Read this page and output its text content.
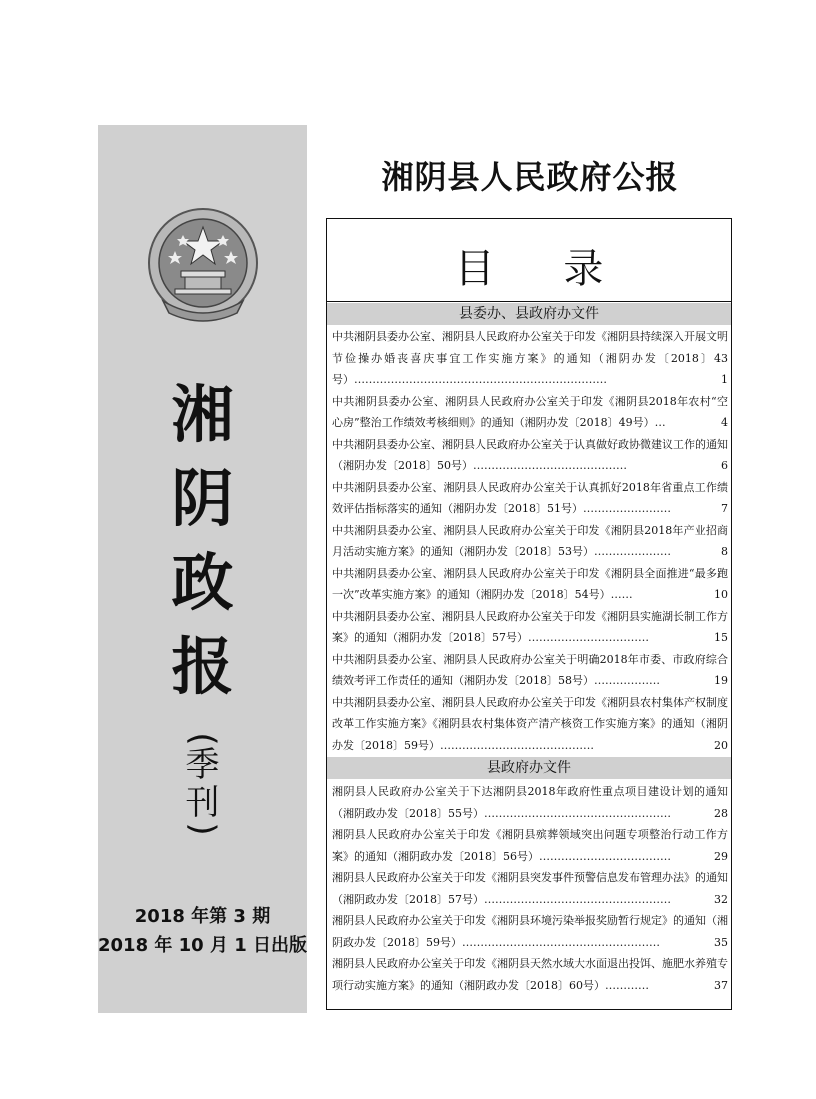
湘
阴
政
报
(
季
刊
)
2018 年第 3 期
2018 年 10 月 1 日出版
湘阴县人民政府公报
目 录
县委办、县政府办文件
中共湘阴县委办公室、湘阴县人民政府办公室关于印发《湘阴县持续深入开展文明节俭操办婚丧喜庆事宜工作实施方案》的通知（湘阴办发〔2018〕43号）……………………………………………………………	1
中共湘阴县委办公室、湘阴县人民政府办公室关于印发《湘阴县2018年农村“空心房”整治工作绩效考核细则》的通知（湘阴办发〔2018〕49号）…	4
中共湘阴县委办公室、湘阴县人民政府办公室关于认真做好政协微建议工作的通知（湘阴办发〔2018〕50号）……………………………………	6
中共湘阴县委办公室、湘阴县人民政府办公室关于认真抓好2018年省重点工作绩效评估指标落实的通知（湘阴办发〔2018〕51号）……………………	7
中共湘阴县委办公室、湘阴县人民政府办公室关于印发《湘阴县2018年产业招商月活动实施方案》的通知（湘阴办发〔2018〕53号）…………………	8
中共湘阴县委办公室、湘阴县人民政府办公室关于印发《湘阴县全面推进“最多跑一次”改革实施方案》的通知（湘阴办发〔2018〕54号）……	10
中共湘阴县委办公室、湘阴县人民政府办公室关于印发《湘阴县实施湖长制工作方案》的通知（湘阴办发〔2018〕57号）……………………………	15
中共湘阴县委办公室、湘阴县人民政府办公室关于明确2018年市委、市政府综合绩效考评工作责任的通知（湘阴办发〔2018〕58号）………………	19
中共湘阴县委办公室、湘阴县人民政府办公室关于印发《湘阴县农村集体产权制度改革工作实施方案》《湘阴县农村集体资产清产核资工作实施方案》的通知（湘阴办发〔2018〕59号）……………………………………	20
县政府办文件
湘阴县人民政府办公室关于下达湘阴县2018年政府性重点项目建设计划的通知（湘阴政办发〔2018〕55号）……………………………………………	28
湘阴县人民政府办公室关于印发《湘阴县殡葬领域突出问题专项整治行动工作方案》的通知（湘阴政办发〔2018〕56号）………………………………	29
湘阴县人民政府办公室关于印发《湘阴县突发事件预警信息发布管理办法》的通知（湘阴政办发〔2018〕57号）……………………………………………	32
湘阴县人民政府办公室关于印发《湘阴县环境污染举报奖励暂行规定》的通知（湘阴政办发〔2018〕59号）………………………………………………	35
湘阴县人民政府办公室关于印发《湘阴县天然水域大水面退出投饵、施肥水养殖专项行动实施方案》的通知（湘阴政办发〔2018〕60号）…………	37
